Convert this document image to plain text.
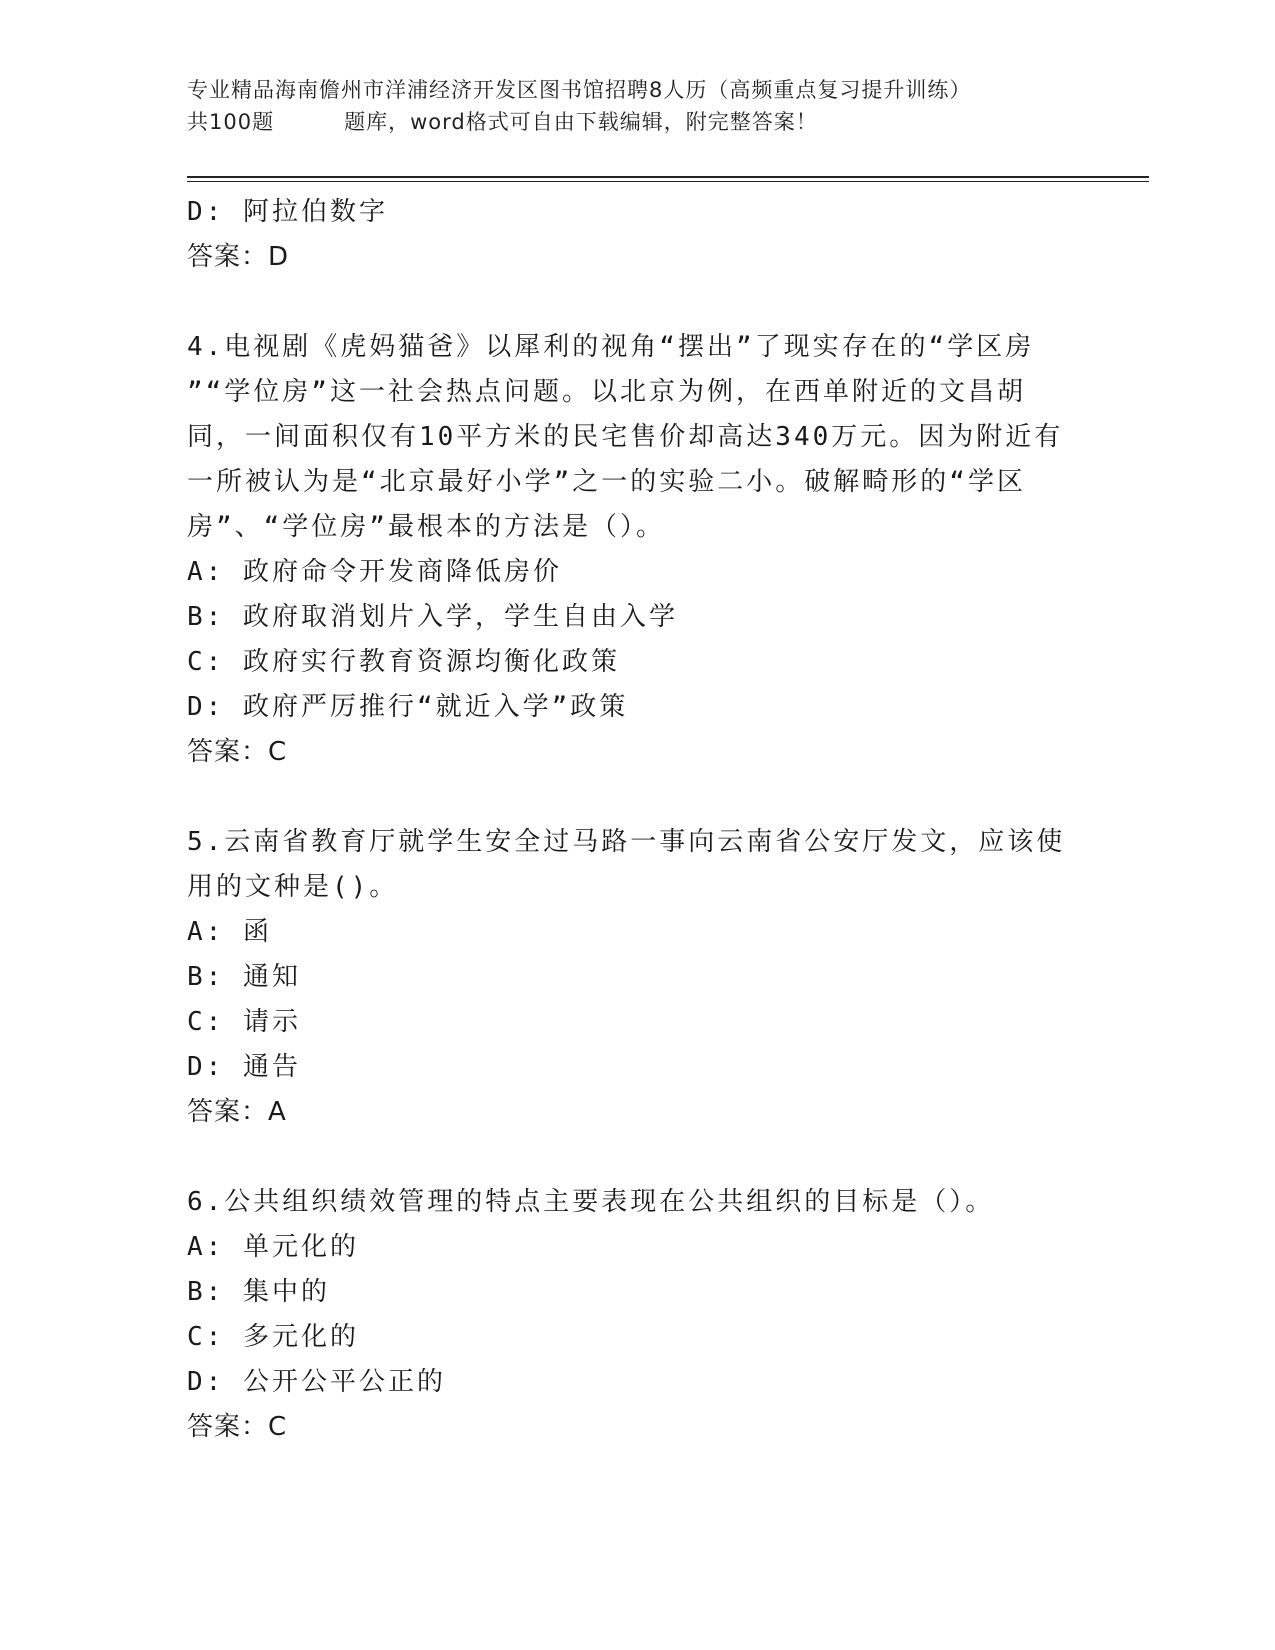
专业精品海南儋州市洋浦经济开发区图书馆招聘8人历（高频重点复习提升训练）
共100题	题库，word格式可自由下载编辑，附完整答案！
D: 阿拉伯数字
答案：D
4.电视剧《虎妈猫爸》以犀利的视角“摆出”了现实存在的“学区房
”“学位房”这一社会热点问题。以北京为例，在西单附近的文昌胡
同，一间面积仅有10平方米的民宅售价却高达340万元。因为附近有
一所被认为是“北京最好小学”之一的实验二小。破解畸形的“学区
房”、“学位房”最根本的方法是（）。
A: 政府命令开发商降低房价
B: 政府取消划片入学，学生自由入学
C: 政府实行教育资源均衡化政策
D: 政府严厉推行“就近入学”政策
答案：C
5.云南省教育厅就学生安全过马路一事向云南省公安厅发文，应该使
用的文种是()。
A: 函
B: 通知
C: 请示
D: 通告
答案：A
6.公共组织绩效管理的特点主要表现在公共组织的目标是（）。
A: 单元化的
B: 集中的
C: 多元化的
D: 公开公平公正的
答案：C
